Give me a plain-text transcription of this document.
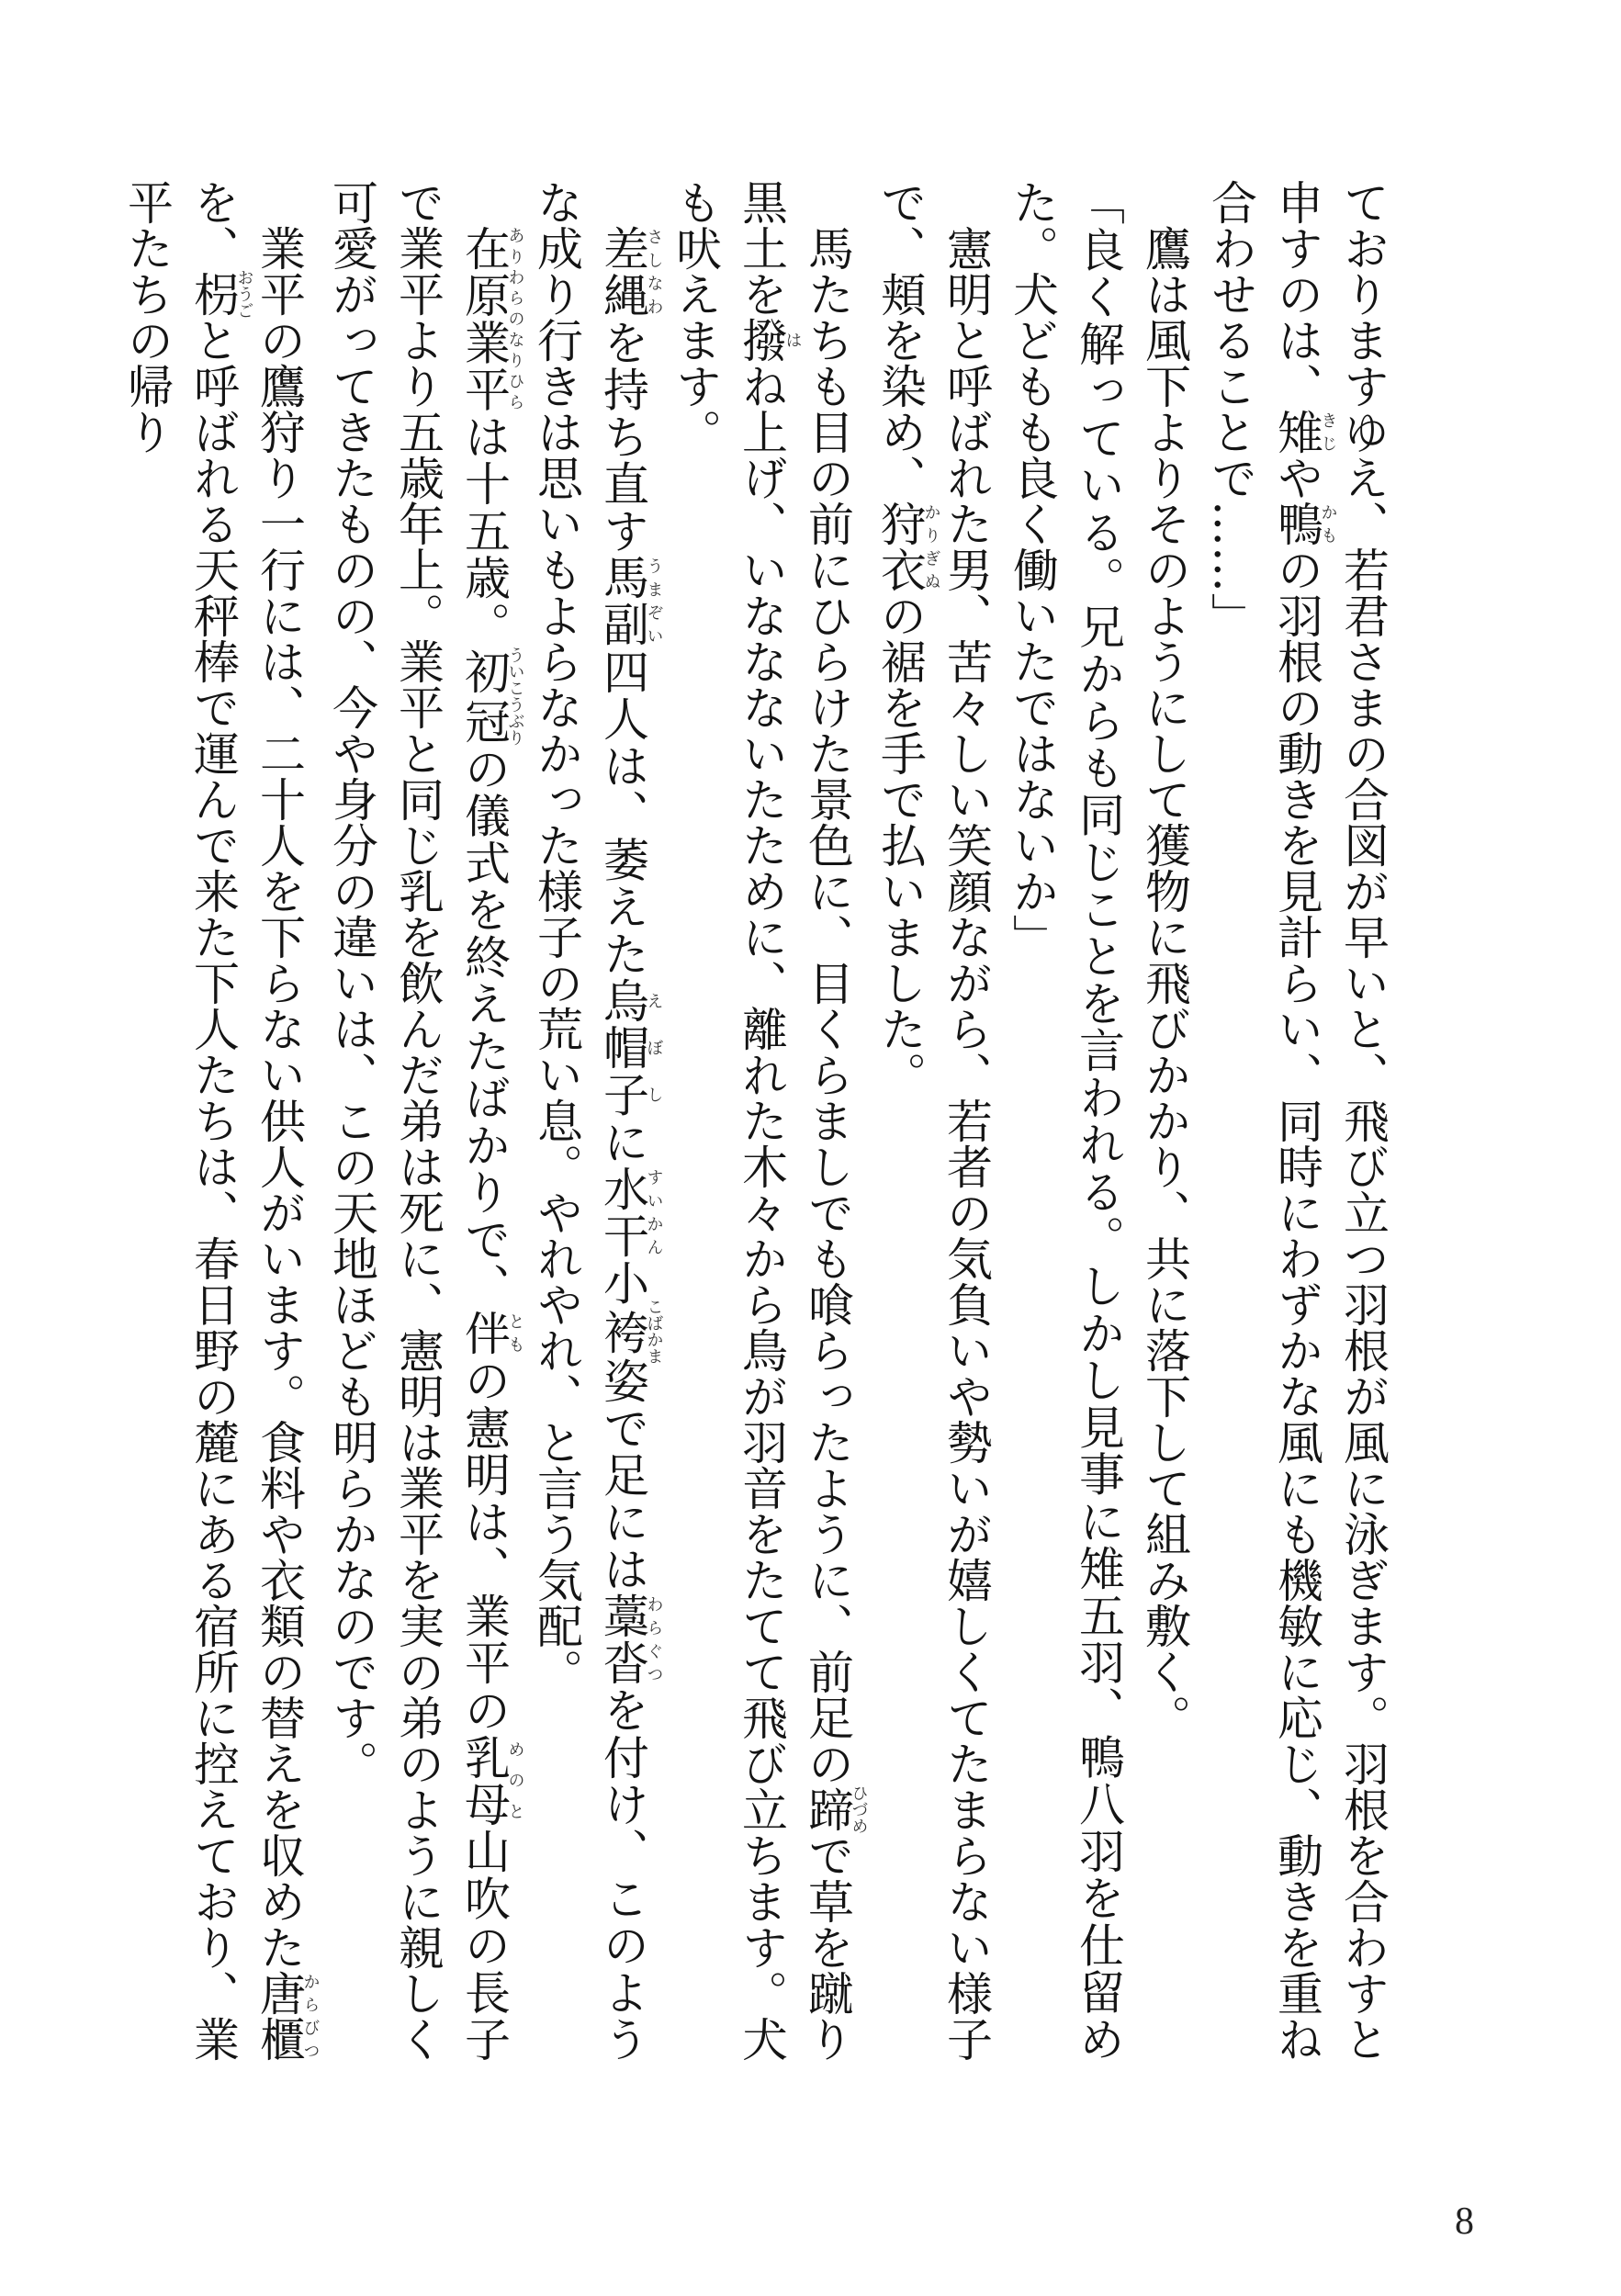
ておりますゆえ、若君さまの合図が早いと、飛び立つ羽根が風に泳ぎます。羽根を合わすと申すのは、雉きじや鴨かもの羽根の動きを見計らい、同時にわずかな風にも機敏に応じ、動きを重ね合わせることで……」

鷹は風下よりそのようにして獲物に飛びかかり、共に落下して組み敷く。

「良く解っている。兄からも同じことを言われる。しかし見事に雉五羽、鴨八羽を仕留めた。犬どもも良く働いたではないか」

憲明と呼ばれた男、苦々しい笑顔ながら、若者の気負いや勢いが嬉しくてたまらない様子で、頬を染め、狩衣かりぎぬの裾を手で払いました。

馬たちも目の前にひらけた景色に、目くらましでも喰らったように、前足の蹄ひづめで草を蹴り黒土を撥はね上げ、いななないたために、離れた木々から鳥が羽音をたてて飛び立ちます。犬も吠えます。

差縄さしなわを持ち直す馬副うまぞい四人は、萎えた烏帽子えぼしに水干すいかん小袴こばかま姿で足には藁沓わらぐつを付け、このような成り行きは思いもよらなかった様子の荒い息。やれやれ、と言う気配。

在原業平ありわらのなりひらは十五歳。初冠ういこうぶりの儀式を終えたばかりで、伴ともの憲明は、業平の乳母めのと山吹の長子で業平より五歳年上。業平と同じ乳を飲んだ弟は死に、憲明は業平を実の弟のように親しく可愛がってきたものの、今や身分の違いは、この天地ほども明らかなのです。

業平の鷹狩り一行には、二十人を下らない供人がいます。食料や衣類の替えを収めた唐櫃からびつを、枴おうごと呼ばれる天秤棒で運んで来た下人たちは、春日野の麓にある宿所に控えており、業平たちの帰り

8
